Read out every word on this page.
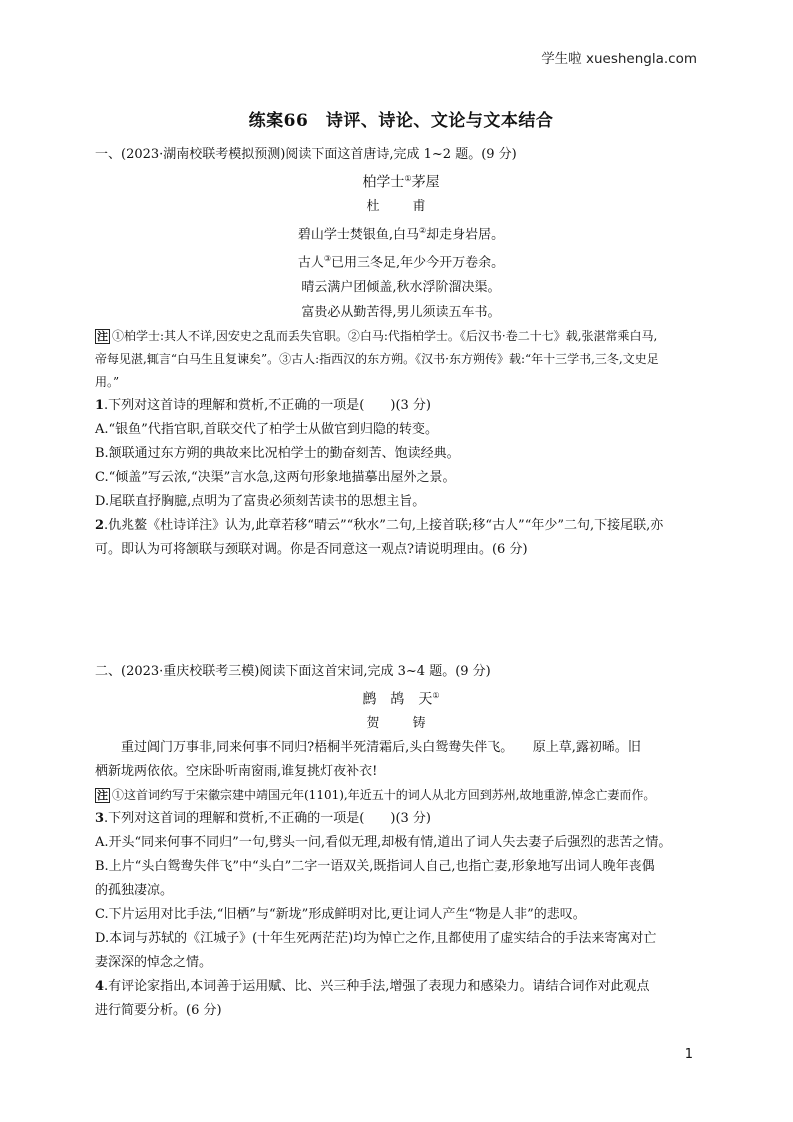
学生啦 xueshengla.com
练案66　诗评、诗论、文论与文本结合

一、(2023·湖南校联考模拟预测)阅读下面这首唐诗,完成 1~2 题。(9 分)

柏学士①茅屋

杜　甫

碧山学士焚银鱼,白马②却走身岩居。

古人③已用三冬足,年少今开万卷余。

晴云满户团倾盖,秋水浮阶溜决渠。

富贵必从勤苦得,男儿须读五车书。

注 ①柏学士:其人不详,因安史之乱而丢失官职。②白马:代指柏学士。《后汉书·卷二十七》载,张湛常乘白马,
帝每见湛,辄言“白马生且复谏矣”。③古人:指西汉的东方朔。《汉书·东方朔传》载:“年十三学书,三冬,文史足
用。”

1.下列对这首诗的理解和赏析,不正确的一项是(　　)(3 分)

A.“银鱼”代指官职,首联交代了柏学士从做官到归隐的转变。

B.颔联通过东方朔的典故来比况柏学士的勤奋刻苦、饱读经典。

C.“倾盖”写云浓,“决渠”言水急,这两句形象地描摹出屋外之景。

D.尾联直抒胸臆,点明为了富贵必须刻苦读书的思想主旨。

2.仇兆鳌《杜诗详注》认为,此章若移“晴云”“秋水”二句,上接首联;移“古人”“年少”二句,下接尾联,亦
可。即认为可将颔联与颈联对调。你是否同意这一观点?请说明理由。(6 分)

二、(2023·重庆校联考三模)阅读下面这首宋词,完成 3~4 题。(9 分)

鹧　鸪　天①

贺　铸

重过阊门万事非,同来何事不同归?梧桐半死清霜后,头白鸳鸯失伴飞。　　原上草,露初晞。旧

栖新垅两依依。空床卧听南窗雨,谁复挑灯夜补衣!

注 ①这首词约写于宋徽宗建中靖国元年(1101),年近五十的词人从北方回到苏州,故地重游,悼念亡妻而作。

3.下列对这首词的理解和赏析,不正确的一项是(　　)(3 分)

A.开头“同来何事不同归”一句,劈头一问,看似无理,却极有情,道出了词人失去妻子后强烈的悲苦之情。

B.上片“头白鸳鸯失伴飞”中“头白”二字一语双关,既指词人自己,也指亡妻,形象地写出词人晚年丧偶
的孤独凄凉。

C.下片运用对比手法,“旧栖”与“新垅”形成鲜明对比,更让词人产生“物是人非”的悲叹。

D.本词与苏轼的《江城子》(十年生死两茫茫)均为悼亡之作,且都使用了虚实结合的手法来寄寓对亡
妻深深的悼念之情。

4.有评论家指出,本词善于运用赋、比、兴三种手法,增强了表现力和感染力。请结合词作对此观点
进行简要分析。(6 分)

1
